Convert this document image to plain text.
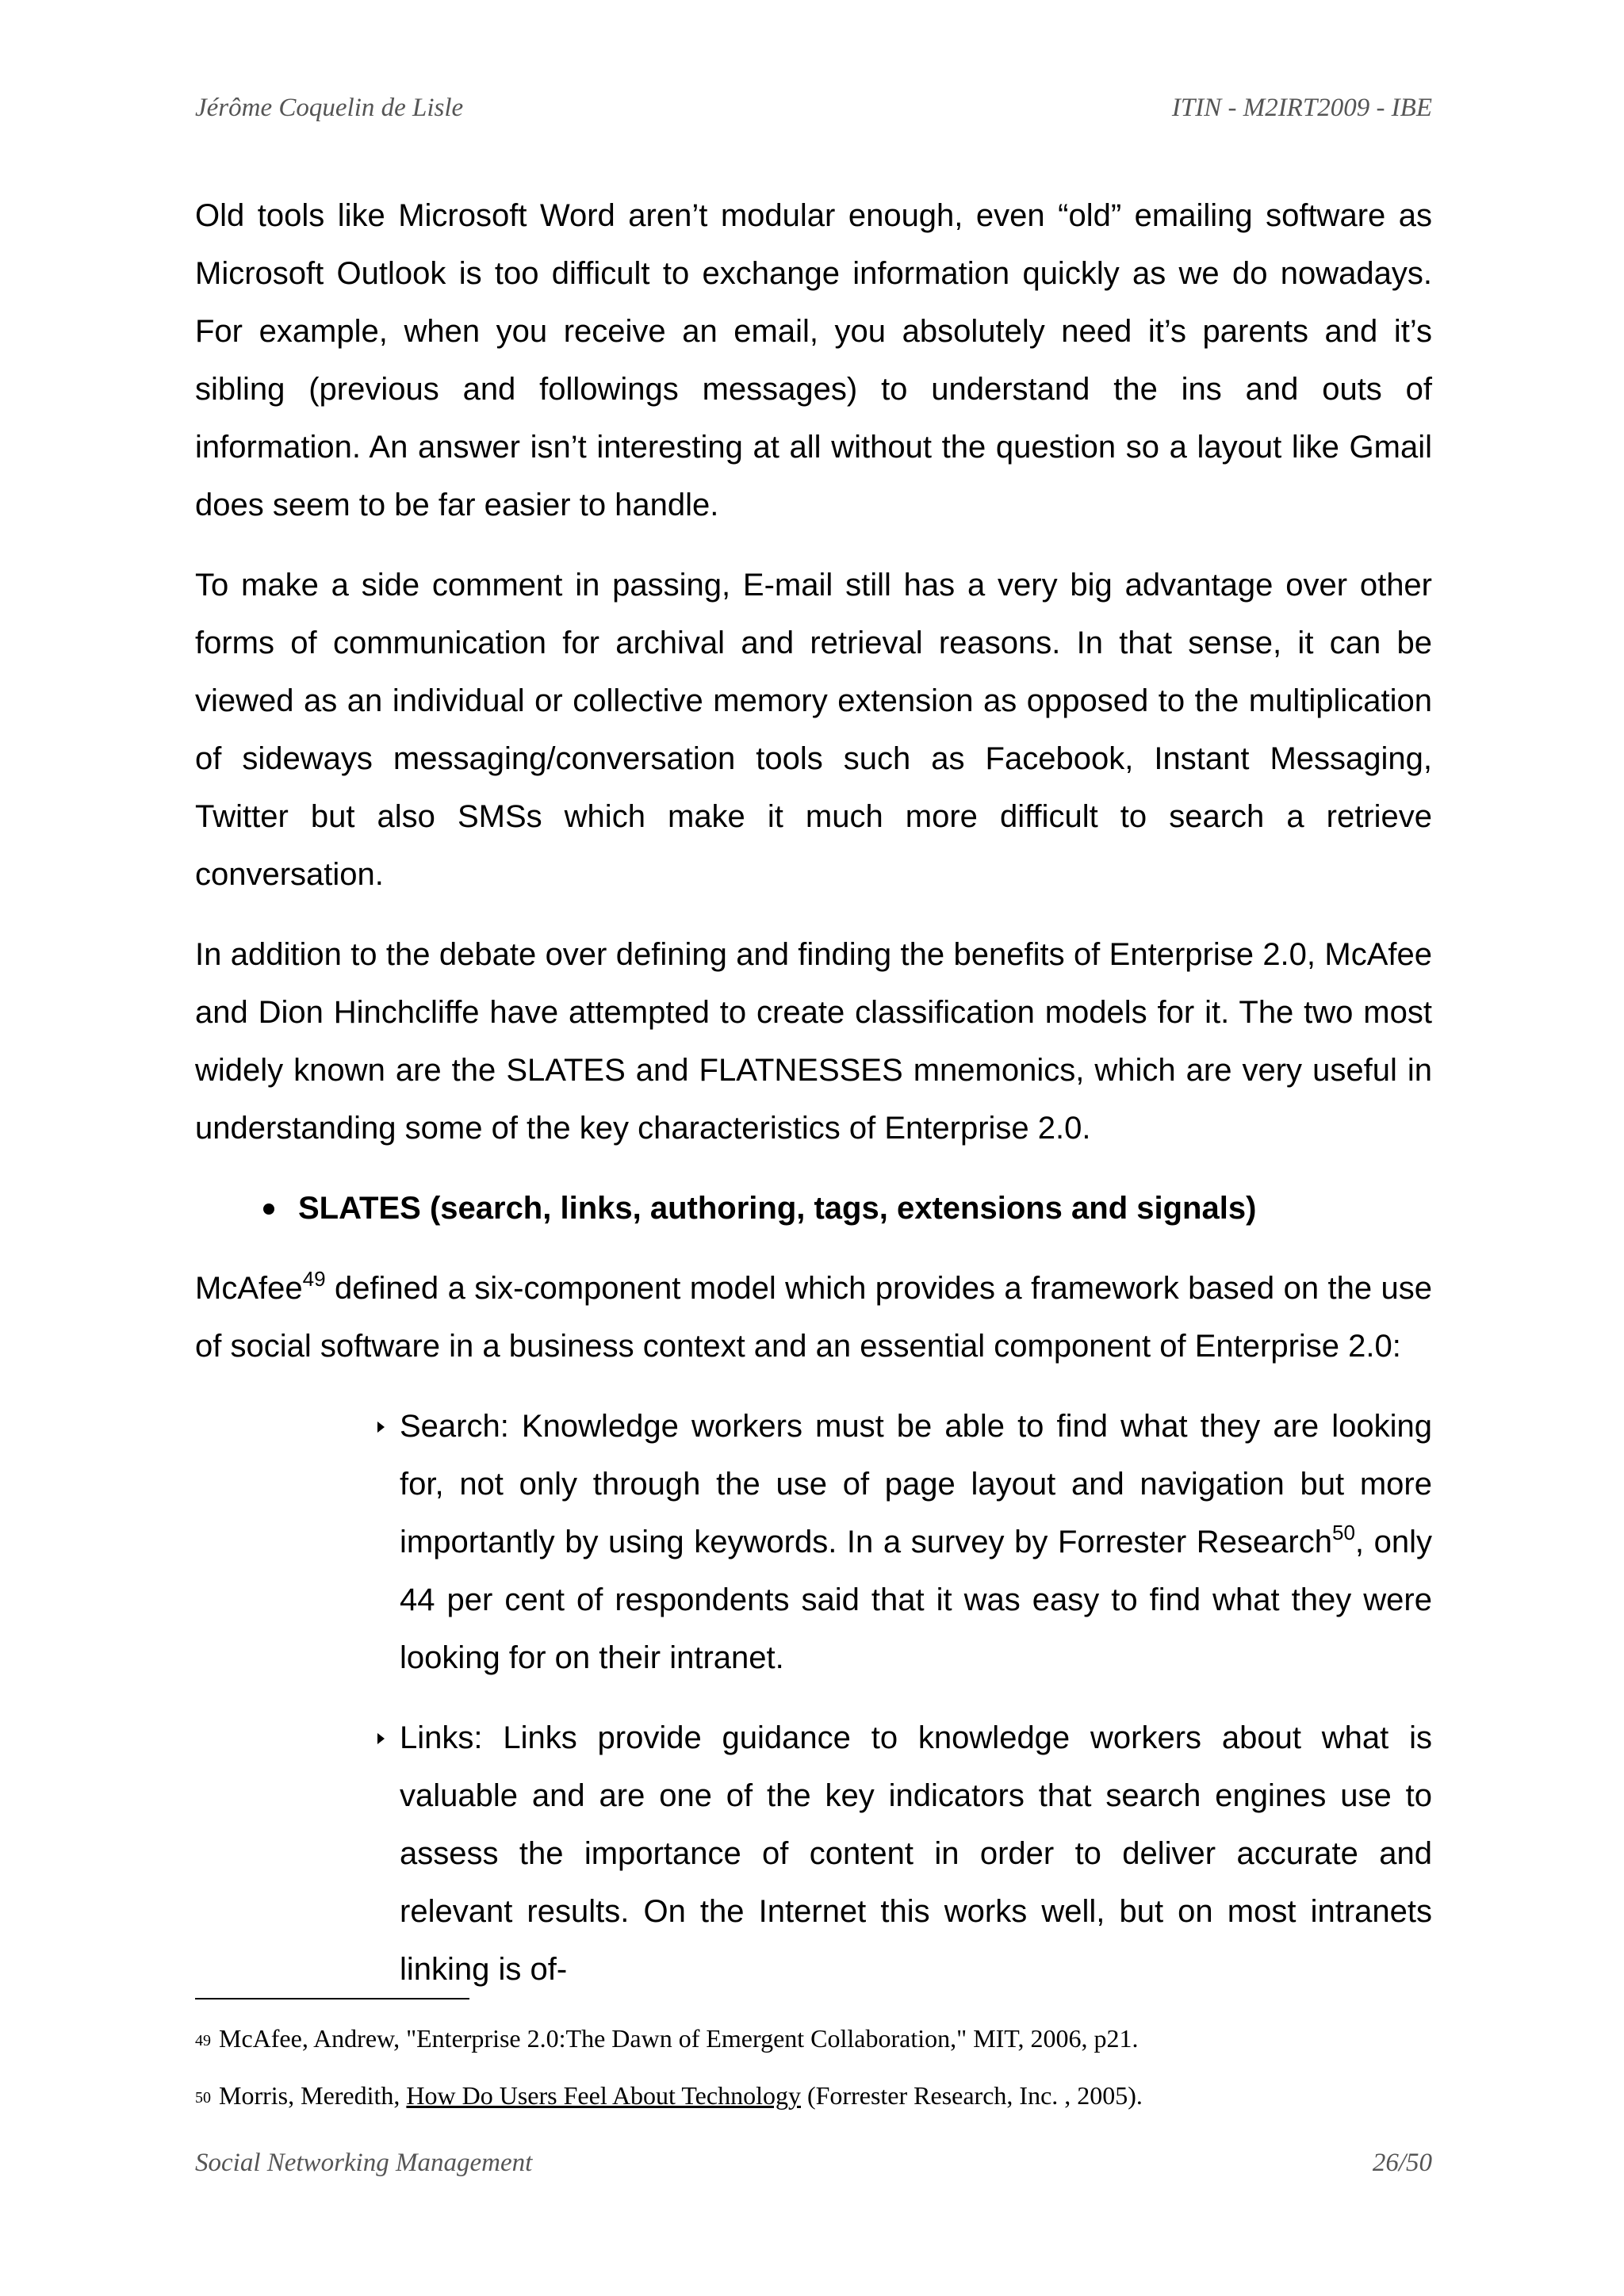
Jérôme Coquelin de Lisle	ITIN - M2IRT2009 - IBE

Old tools like Microsoft Word aren’t modular enough, even “old” emailing software as Microsoft Outlook is too difficult to exchange information quickly as we do nowadays. For example, when you receive an email, you absolutely need it’s parents and it’s sibling (previous and followings messages) to understand the ins and outs of information. An answer isn’t interesting at all without the question so a layout like Gmail does seem to be far easier to handle.

To make a side comment in passing, E-mail still has a very big advantage over other forms of communication for archival and retrieval reasons. In that sense, it can be viewed as an individual or collective memory extension as opposed to the multiplication of sideways messaging/conversation tools such as Facebook, Instant Messaging, Twitter but also SMSs which make it much more difficult to search a retrieve conversation.

In addition to the debate over defining and finding the benefits of Enterprise 2.0, McAfee and Dion Hinchcliffe have attempted to create classification models for it. The two most widely known are the SLATES and FLATNESSES mnemonics, which are very useful in understanding some of the key characteristics of Enterprise 2.0.

SLATES (search, links, authoring, tags, extensions and signals)

McAfee$^{49}$ defined a six-component model which provides a framework based on the use of social software in a business context and an essential component of Enterprise 2.0:

Search: Knowledge workers must be able to find what they are looking for, not only through the use of page layout and navigation but more importantly by using keywords. In a survey by Forrester Research$^{50}$, only 44 per cent of respondents said that it was easy to find what they were looking for on their intranet.
Links: Links provide guidance to knowledge workers about what is valuable and are one of the key indicators that search engines use to assess the importance of content in order to deliver accurate and relevant results. On the Internet this works well, but on most intranets linking is of-
49 McAfee, Andrew, "Enterprise 2.0:The Dawn of Emergent Collaboration," MIT, 2006, p21.
50 Morris, Meredith, How Do Users Feel About Technology (Forrester Research, Inc. , 2005).
Social Networking Management	26/50
